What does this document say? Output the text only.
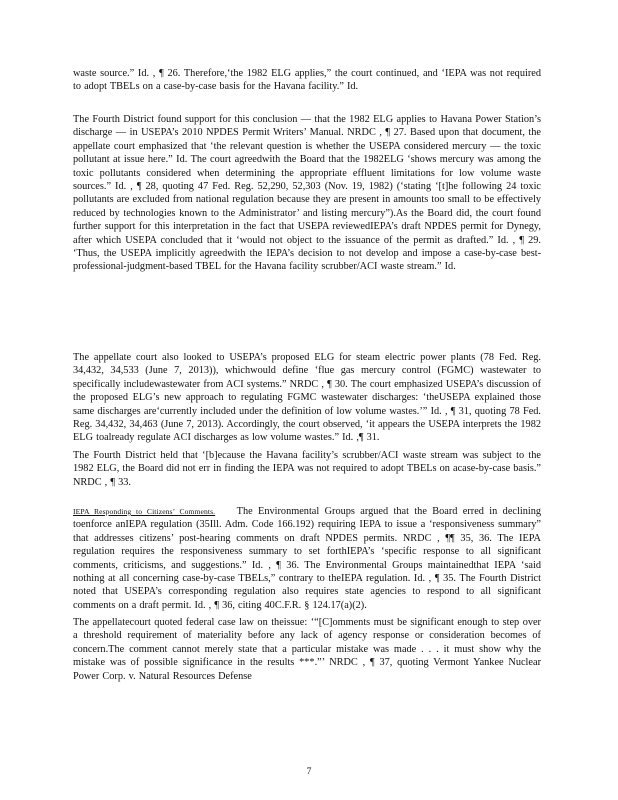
waste source.” Id. , ¶ 26. Therefore,‘the 1982 ELG applies,” the court continued, and ‘IEPA was not required to adopt TBELs on a case-by-case basis for the Havana facility.” Id.

The Fourth District found support for this conclusion — that the 1982 ELG applies to Havana Power Station’s discharge — in USEPA’s 2010 NPDES Permit Writers’ Manual. NRDC , ¶ 27. Based upon that document, the appellate court emphasized that ‘the relevant question is whether the USEPA considered mercury — the toxic pollutant at issue here.” Id. The court agreedwith the Board that the 1982ELG ‘shows mercury was among the toxic pollutants considered when determining the appropriate effluent limitations for low volume waste sources.” Id. , ¶ 28, quoting 47 Fed. Reg. 52,290, 52,303 (Nov. 19, 1982) (‘stating ‘[t]he following 24 toxic pollutants are excluded from national regulation because they are present in amounts too small to be effectively reduced by technologies known to the Administrator’ and listing mercury”).As the Board did, the court found further support for this interpretation in the fact that USEPA reviewedIEPA’s draft NPDES permit for Dynegy, after which USEPA concluded that it ‘would not object to the issuance of the permit as drafted.” Id. , ¶ 29. ‘Thus, the USEPA implicitly agreedwith the IEPA’s decision to not develop and impose a case-by-case best-professional-judgment-based TBEL for the Havana facility scrubber/ACI waste stream.” Id.

The appellate court also looked to USEPA’s proposed ELG for steam electric power plants (78 Fed. Reg. 34,432, 34,533 (June 7, 2013)), whichwould define ‘flue gas mercury control (FGMC) wastewater to specifically includewastewater from ACI systems.” NRDC , ¶ 30. The court emphasized USEPA’s discussion of the proposed ELG’s new approach to regulating FGMC wastewater discharges: ‘theUSEPA explained those same discharges are‘currently included under the definition of low volume wastes.’” Id. , ¶ 31, quoting 78 Fed. Reg. 34,432, 34,463 (June 7, 2013). Accordingly, the court observed, ‘it appears the USEPA interprets the 1982 ELG toalready regulate ACI discharges as low volume wastes.” Id. ,¶ 31.

The Fourth District held that ‘[b]ecause the Havana facility’s scrubber/ACI waste stream was subject to the 1982 ELG, the Board did not err in finding the IEPA was not required to adopt TBELs on acase-by-case basis.” NRDC , ¶ 33.

IEPA Responding to Citizens’ Comments. The Environmental Groups argued that the Board erred in declining toenforce anIEPA regulation (35Ill. Adm. Code 166.192) requiring IEPA to issue a ‘responsiveness summary” that addresses citizens’ post-hearing comments on draft NPDES permits. NRDC , ¶¶ 35, 36. The IEPA regulation requires the responsiveness summary to set forthIEPA’s ‘specific response to all significant comments, criticisms, and suggestions.” Id. , ¶ 36. The Environmental Groups maintainedthat IEPA ‘said nothing at all concerning case-by-case TBELs,” contrary to theIEPA regulation. Id. , ¶ 35. The Fourth District noted that USEPA’s corresponding regulation also requires state agencies to respond to all significant comments on a draft permit. Id. , ¶ 36, citing 40C.F.R. § 124.17(a)(2).

The appellatecourt quoted federal case law on theissue: ‘“[C]omments must be significant enough to step over a threshold requirement of materiality before any lack of agency response or consideration becomes of concern.The comment cannot merely state that a particular mistake was made . . . it must show why the mistake was of possible significance in the results ***.”’ NRDC , ¶ 37, quoting Vermont Yankee Nuclear Power Corp. v. Natural Resources Defense

7
